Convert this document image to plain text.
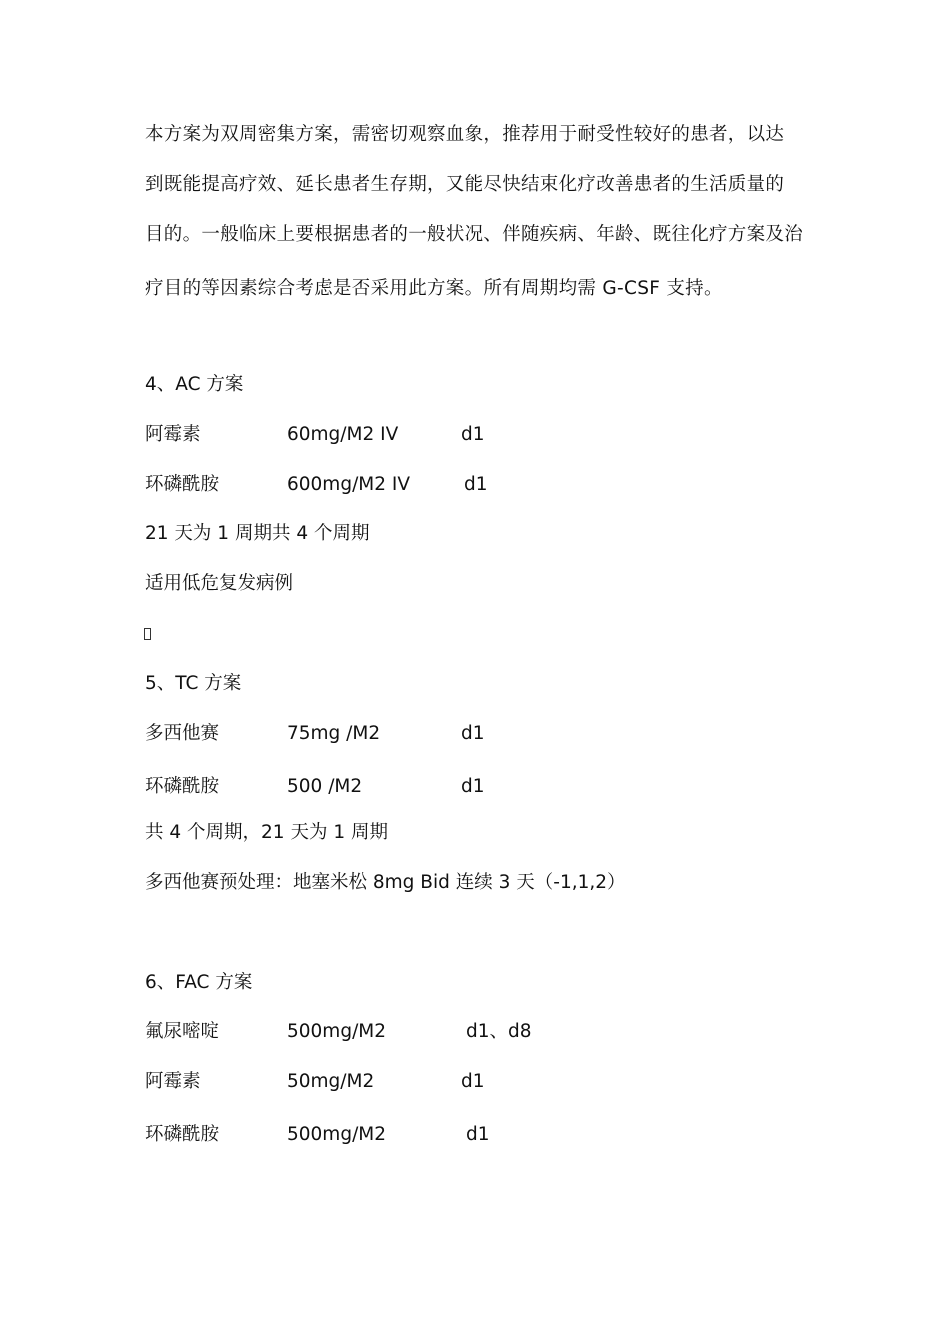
本方案为双周密集方案，需密切观察血象，推荐用于耐受性较好的患者，以达
到既能提高疗效、延长患者生存期，又能尽快结束化疗改善患者的生活质量的
目的。一般临床上要根据患者的一般状况、伴随疾病、年龄、既往化疗方案及治
疗目的等因素综合考虑是否采用此方案。所有周期均需 G-CSF 支持。

4、AC 方案
阿霉素	60mg/M2 IV	d1
环磷酰胺	600mg/M2 IV	d1
21 天为 1 周期共 4 个周期
适用低危复发病例
5、TC 方案
多西他赛	75mg /M2	d1
环磷酰胺	500 /M2	d1
共 4 个周期，21 天为 1 周期
多西他赛预处理：地塞米松 8mg Bid 连续 3 天（-1,1,2）
6、FAC 方案
氟尿嘧啶	500mg/M2	d1、d8
阿霉素	50mg/M2	d1
环磷酰胺	500mg/M2	d1
